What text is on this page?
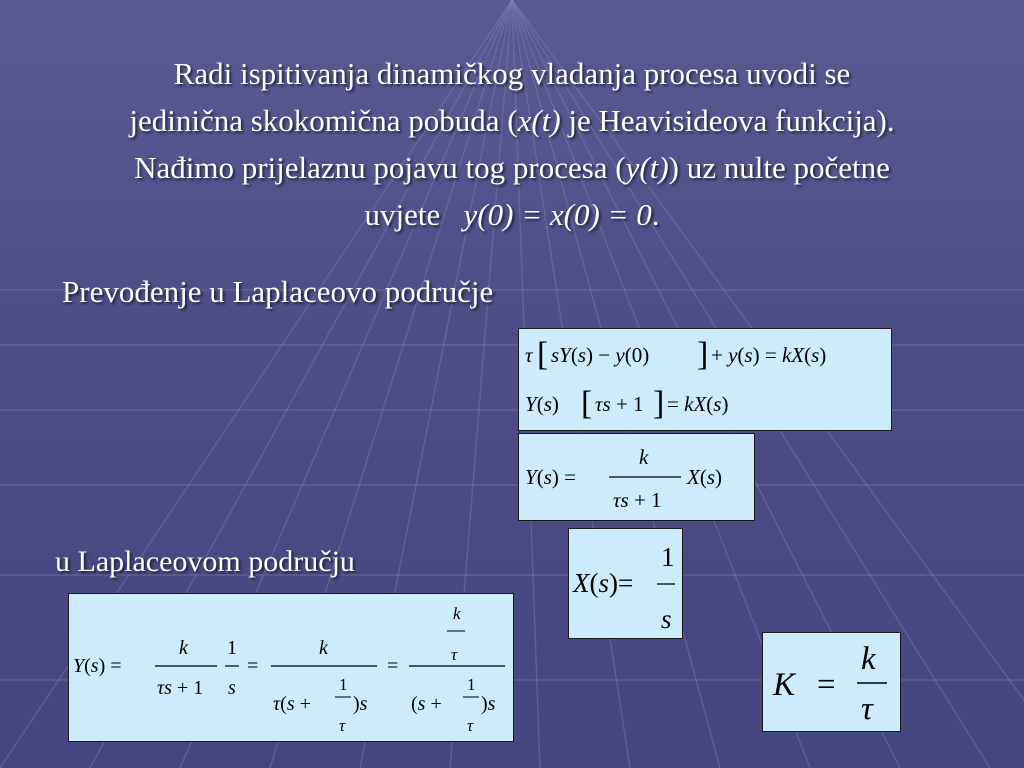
Radi ispitivanja dinamičkog vladanja procesa uvodi se
jedinična skokomična pobuda (x(t) je Heavisideova funkcija).
Nađimo prijelaznu pojavu tog procesa (y(t)) uz nulte početne
uvjete y(0) = x(0) = 0.
Prevođenje u Laplaceovo područje
u Laplaceovom području
τ [ sY(s) − y(0) ] + y(s) = kX(s)
Y(s) [ τs + 1 ] = kX(s)
Y(s) =
k
τs + 1
X(s)
X(s)=
1
s
Y(s) =
k
τs + 1
1
s
=
k
τ(s +
1
τ
)s
=
k
τ
(s +
1
τ
)s
K =
k
τ
